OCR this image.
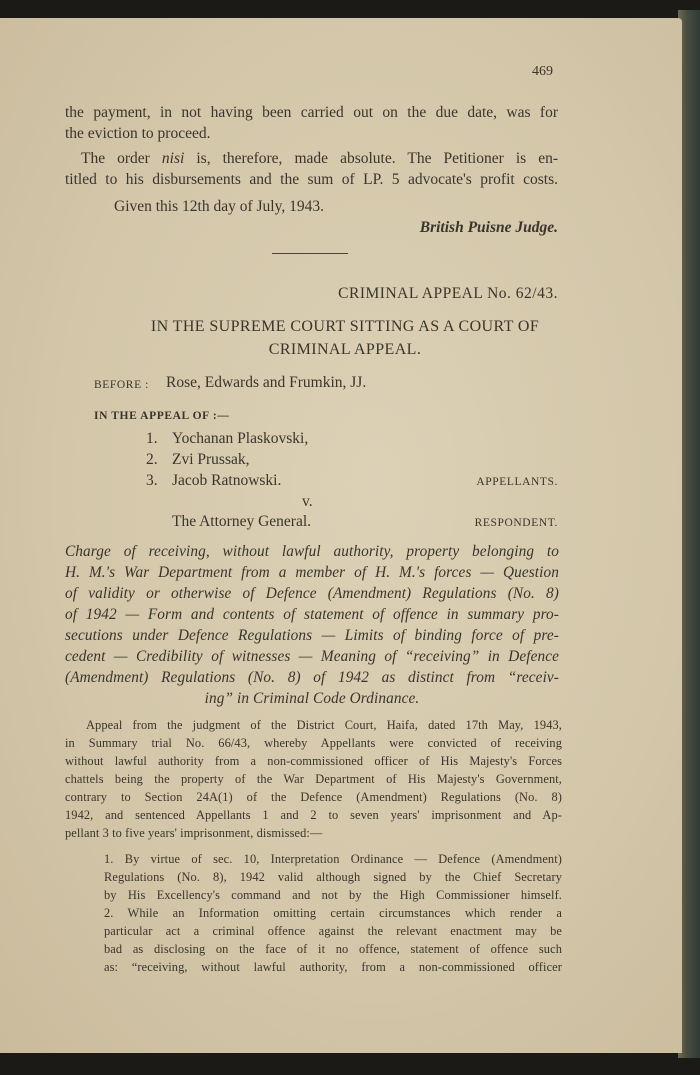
469
the payment, in not having been carried out on the due date, was for
the eviction to proceed.
The order nisi is, therefore, made absolute. The Petitioner is en-
titled to his disbursements and the sum of LP. 5 advocate's profit costs.
Given this 12th day of July, 1943.
British Puisne Judge.
CRIMINAL APPEAL No. 62/43.
IN THE SUPREME COURT SITTING AS A COURT OF
CRIMINAL APPEAL.
BEFORE : Rose, Edwards and Frumkin, JJ.
IN THE APPEAL OF :—
1. Yochanan Plaskovski,
2. Zvi Prussak,
3. Jacob Ratnowski.	APPELLANTS.
v.
The Attorney General.	RESPONDENT.
Charge of receiving, without lawful authority, property belonging to
H. M.'s War Department from a member of H. M.'s forces — Question
of validity or otherwise of Defence (Amendment) Regulations (No. 8)
of 1942 — Form and contents of statement of offence in summary pro-
secutions under Defence Regulations — Limits of binding force of pre-
cedent — Credibility of witnesses — Meaning of “receiving” in Defence
(Amendment) Regulations (No. 8) of 1942 as distinct from “receiv-
ing” in Criminal Code Ordinance.
Appeal from the judgment of the District Court, Haifa, dated 17th May, 1943,
in Summary trial No. 66/43, whereby Appellants were convicted of receiving
without lawful authority from a non-commissioned officer of His Majesty's Forces
chattels being the property of the War Department of His Majesty's Government,
contrary to Section 24A(1) of the Defence (Amendment) Regulations (No. 8)
1942, and sentenced Appellants 1 and 2 to seven years' imprisonment and Ap-
pellant 3 to five years' imprisonment, dismissed:—
1. By virtue of sec. 10, Interpretation Ordinance — Defence (Amendment)
Regulations (No. 8), 1942 valid although signed by the Chief Secretary
by His Excellency's command and not by the High Commissioner himself.
2. While an Information omitting certain circumstances which render a
particular act a criminal offence against the relevant enactment may be
bad as disclosing on the face of it no offence, statement of offence such
as: “receiving, without lawful authority, from a non-commissioned officer
